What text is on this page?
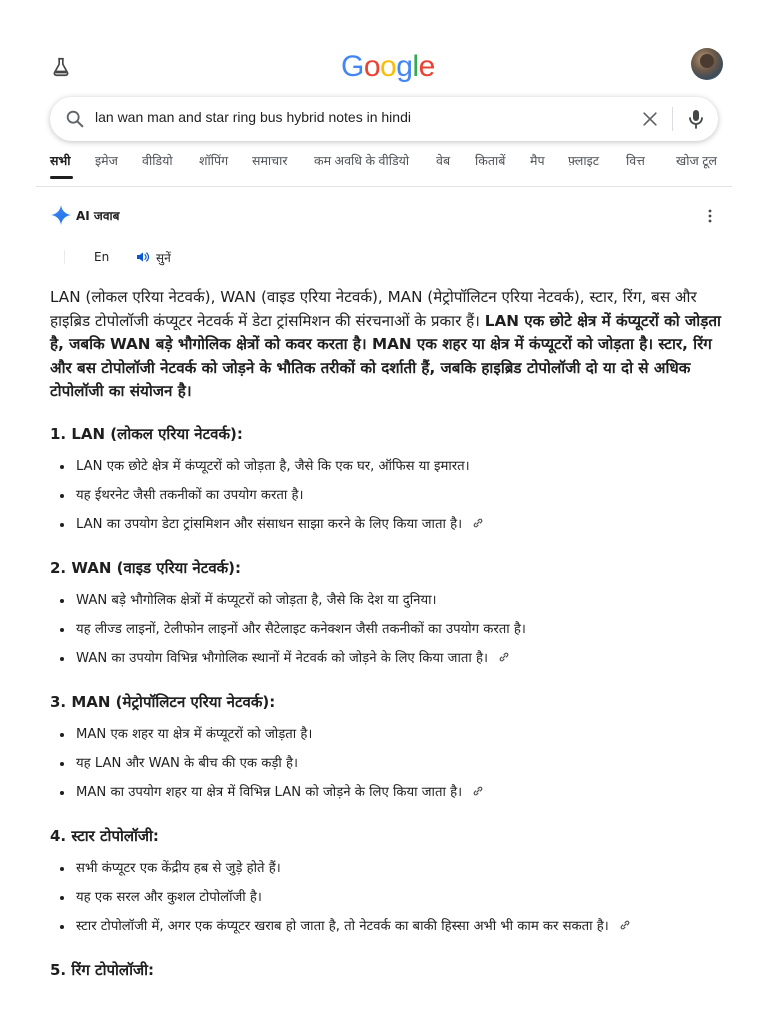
Google
lan wan man and star ring bus hybrid notes in hindi
सभी इमेज वीडियो शॉपिंग समाचार कम अवधि के वीडियो वेब किताबें मैप फ़्लाइट वित्त खोज टूल
AI जवाब
En	सुनें
LAN (लोकल एरिया नेटवर्क), WAN (वाइड एरिया नेटवर्क), MAN (मेट्रोपॉलिटन एरिया नेटवर्क), स्टार, रिंग, बस और हाइब्रिड टोपोलॉजी कंप्यूटर नेटवर्क में डेटा ट्रांसमिशन की संरचनाओं के प्रकार हैं। LAN एक छोटे क्षेत्र में कंप्यूटरों को जोड़ता है, जबकि WAN बड़े भौगोलिक क्षेत्रों को कवर करता है। MAN एक शहर या क्षेत्र में कंप्यूटरों को जोड़ता है। स्टार, रिंग और बस टोपोलॉजी नेटवर्क को जोड़ने के भौतिक तरीकों को दर्शाती हैं, जबकि हाइब्रिड टोपोलॉजी दो या दो से अधिक टोपोलॉजी का संयोजन है।
1. LAN (लोकल एरिया नेटवर्क):
LAN एक छोटे क्षेत्र में कंप्यूटरों को जोड़ता है, जैसे कि एक घर, ऑफिस या इमारत।
यह ईथरनेट जैसी तकनीकों का उपयोग करता है।
LAN का उपयोग डेटा ट्रांसमिशन और संसाधन साझा करने के लिए किया जाता है।
2. WAN (वाइड एरिया नेटवर्क):
WAN बड़े भौगोलिक क्षेत्रों में कंप्यूटरों को जोड़ता है, जैसे कि देश या दुनिया।
यह लीज्ड लाइनों, टेलीफोन लाइनों और सैटेलाइट कनेक्शन जैसी तकनीकों का उपयोग करता है।
WAN का उपयोग विभिन्न भौगोलिक स्थानों में नेटवर्क को जोड़ने के लिए किया जाता है।
3. MAN (मेट्रोपॉलिटन एरिया नेटवर्क):
MAN एक शहर या क्षेत्र में कंप्यूटरों को जोड़ता है।
यह LAN और WAN के बीच की एक कड़ी है।
MAN का उपयोग शहर या क्षेत्र में विभिन्न LAN को जोड़ने के लिए किया जाता है।
4. स्टार टोपोलॉजी:
सभी कंप्यूटर एक केंद्रीय हब से जुड़े होते हैं।
यह एक सरल और कुशल टोपोलॉजी है।
स्टार टोपोलॉजी में, अगर एक कंप्यूटर खराब हो जाता है, तो नेटवर्क का बाकी हिस्सा अभी भी काम कर सकता है।
5. रिंग टोपोलॉजी:
